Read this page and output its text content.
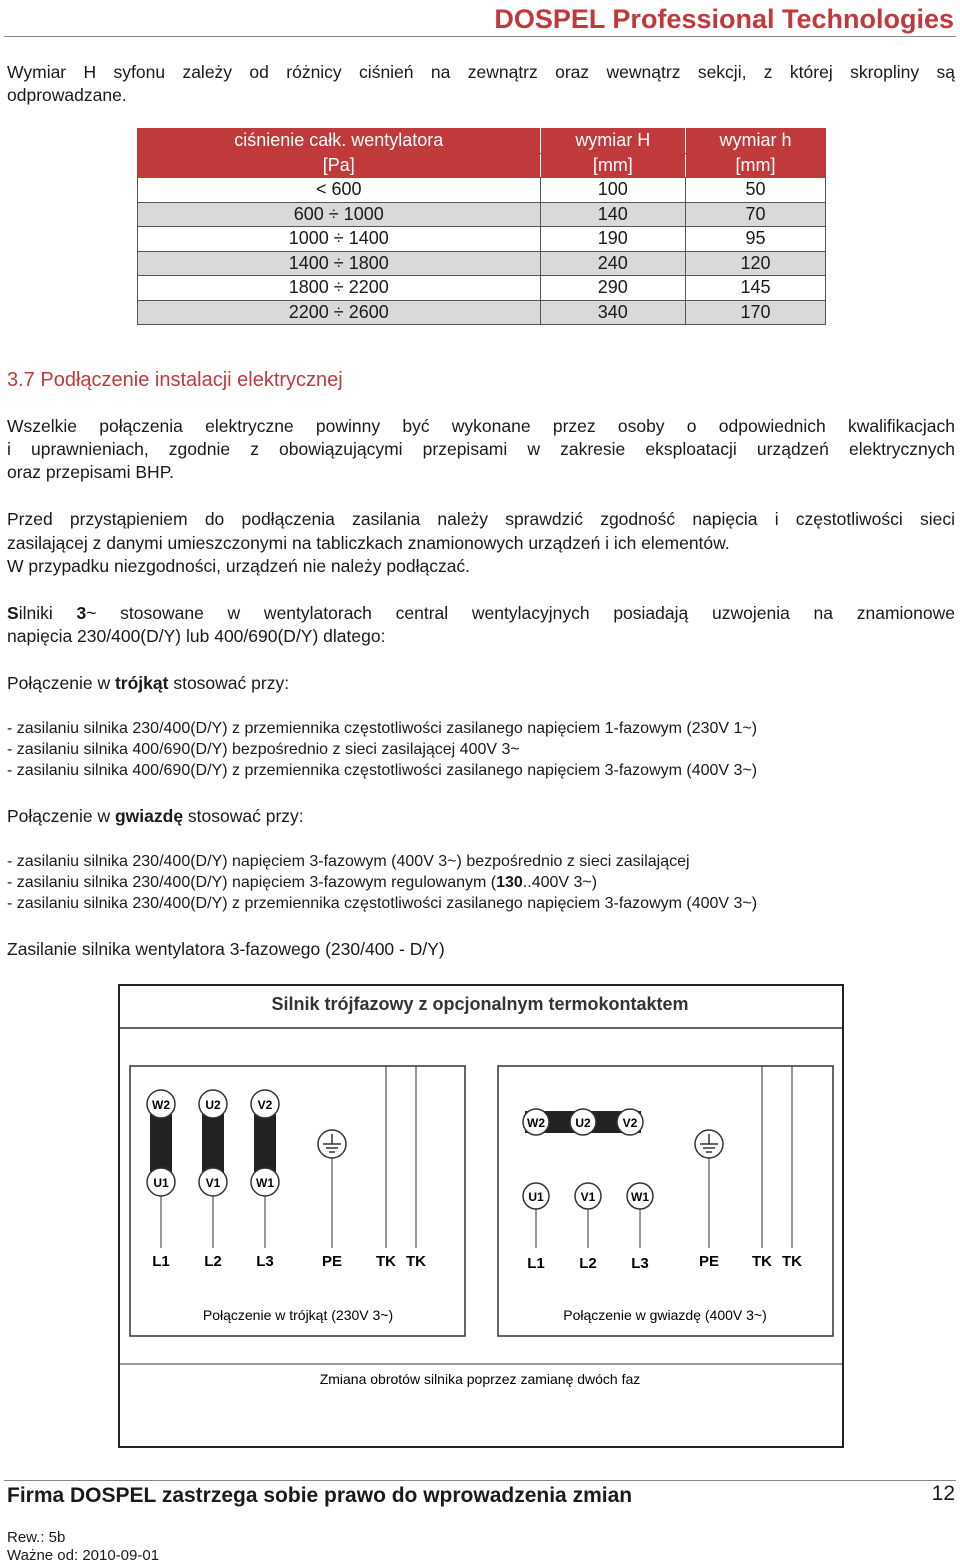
DOSPEL Professional Technologies

Wymiar H syfonu zależy od różnicy ciśnień na zewnątrz oraz wewnątrz sekcji, z której skropliny są

odprowadzane.

ciśnienie całk. wentylatora	wymiar H	wymiar h
[Pa]	[mm]	[mm]
< 600	100	50
600 ÷ 1000	140	70
1000 ÷ 1400	190	95
1400 ÷ 1800	240	120
1800 ÷ 2200	290	145
2200 ÷ 2600	340	170
3.7 Podłączenie instalacji elektrycznej

Wszelkie połączenia elektryczne powinny być wykonane przez osoby o odpowiednich kwalifikacjach

i uprawnieniach, zgodnie z obowiązującymi przepisami w zakresie eksploatacji urządzeń elektrycznych

oraz przepisami BHP.

Przed przystąpieniem do podłączenia zasilania należy sprawdzić zgodność napięcia i częstotliwości sieci

zasilającej z danymi umieszczonymi na tabliczkach znamionowych urządzeń i ich elementów.

W przypadku niezgodności, urządzeń nie należy podłączać.

Silniki 3~ stosowane w wentylatorach central wentylacyjnych posiadają uzwojenia na znamionowe

napięcia 230/400(D/Y) lub 400/690(D/Y) dlatego:

Połączenie w trójkąt stosować przy:

- zasilaniu silnika 230/400(D/Y) z przemiennika częstotliwości zasilanego napięciem 1-fazowym (230V 1~)

- zasilaniu silnika 400/690(D/Y) bezpośrednio z sieci zasilającej 400V 3~

- zasilaniu silnika 400/690(D/Y) z przemiennika częstotliwości zasilanego napięciem 3-fazowym (400V 3~)

Połączenie w gwiazdę stosować przy:

- zasilaniu silnika 230/400(D/Y) napięciem 3-fazowym (400V 3~) bezpośrednio z sieci zasilającej

- zasilaniu silnika 230/400(D/Y) napięciem 3-fazowym regulowanym (130..400V 3~)

- zasilaniu silnika 230/400(D/Y) z przemiennika częstotliwości zasilanego napięciem 3-fazowym (400V 3~)

Zasilanie silnika wentylatora 3-fazowego (230/400 - D/Y)

Silnik trójfazowy z opcjonalnym termokontaktem
W2	U2	V2
U1	V1	W1
L1 L2 L3	PE TK TK
Połączenie w trójkąt (230V 3~)
W2	U2	V2
U1	V1	W1
L1 L2 L3	PE TK TK
Połączenie w gwiazdę (400V 3~)
Zmiana obrotów silnika poprzez zamianę dwóch faz
Firma DOSPEL zastrzega sobie prawo do wprowadzenia zmian	12
Rew.: 5b
Ważne od: 2010-09-01
